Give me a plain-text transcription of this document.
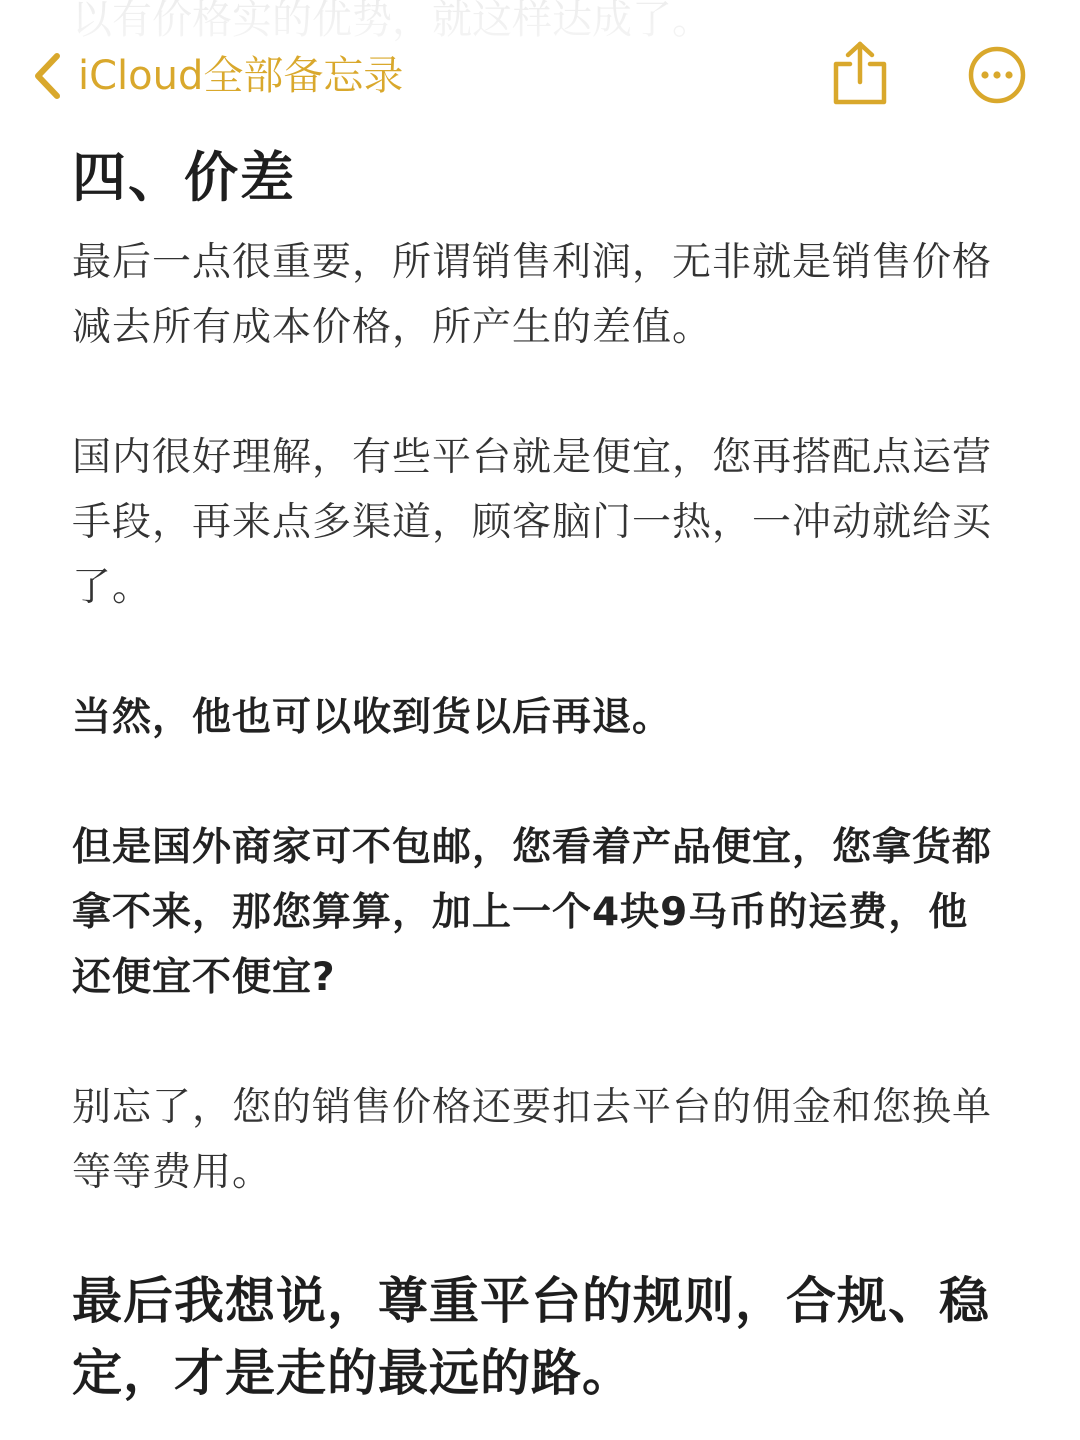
iCloud全部备忘录
四、价差

最后一点很重要，所谓销售利润，无非就是销售价格减去所有成本价格，所产生的差值。

国内很好理解，有些平台就是便宜，您再搭配点运营手段，再来点多渠道，顾客脑门一热，一冲动就给买了。

当然，他也可以收到货以后再退。

但是国外商家可不包邮，您看着产品便宜，您拿货都拿不来，那您算算，加上一个4块9马币的运费，他还便宜不便宜?

别忘了，您的销售价格还要扣去平台的佣金和您换单等等费用。

最后我想说，尊重平台的规则，合规、稳定，才是走的最远的路。
